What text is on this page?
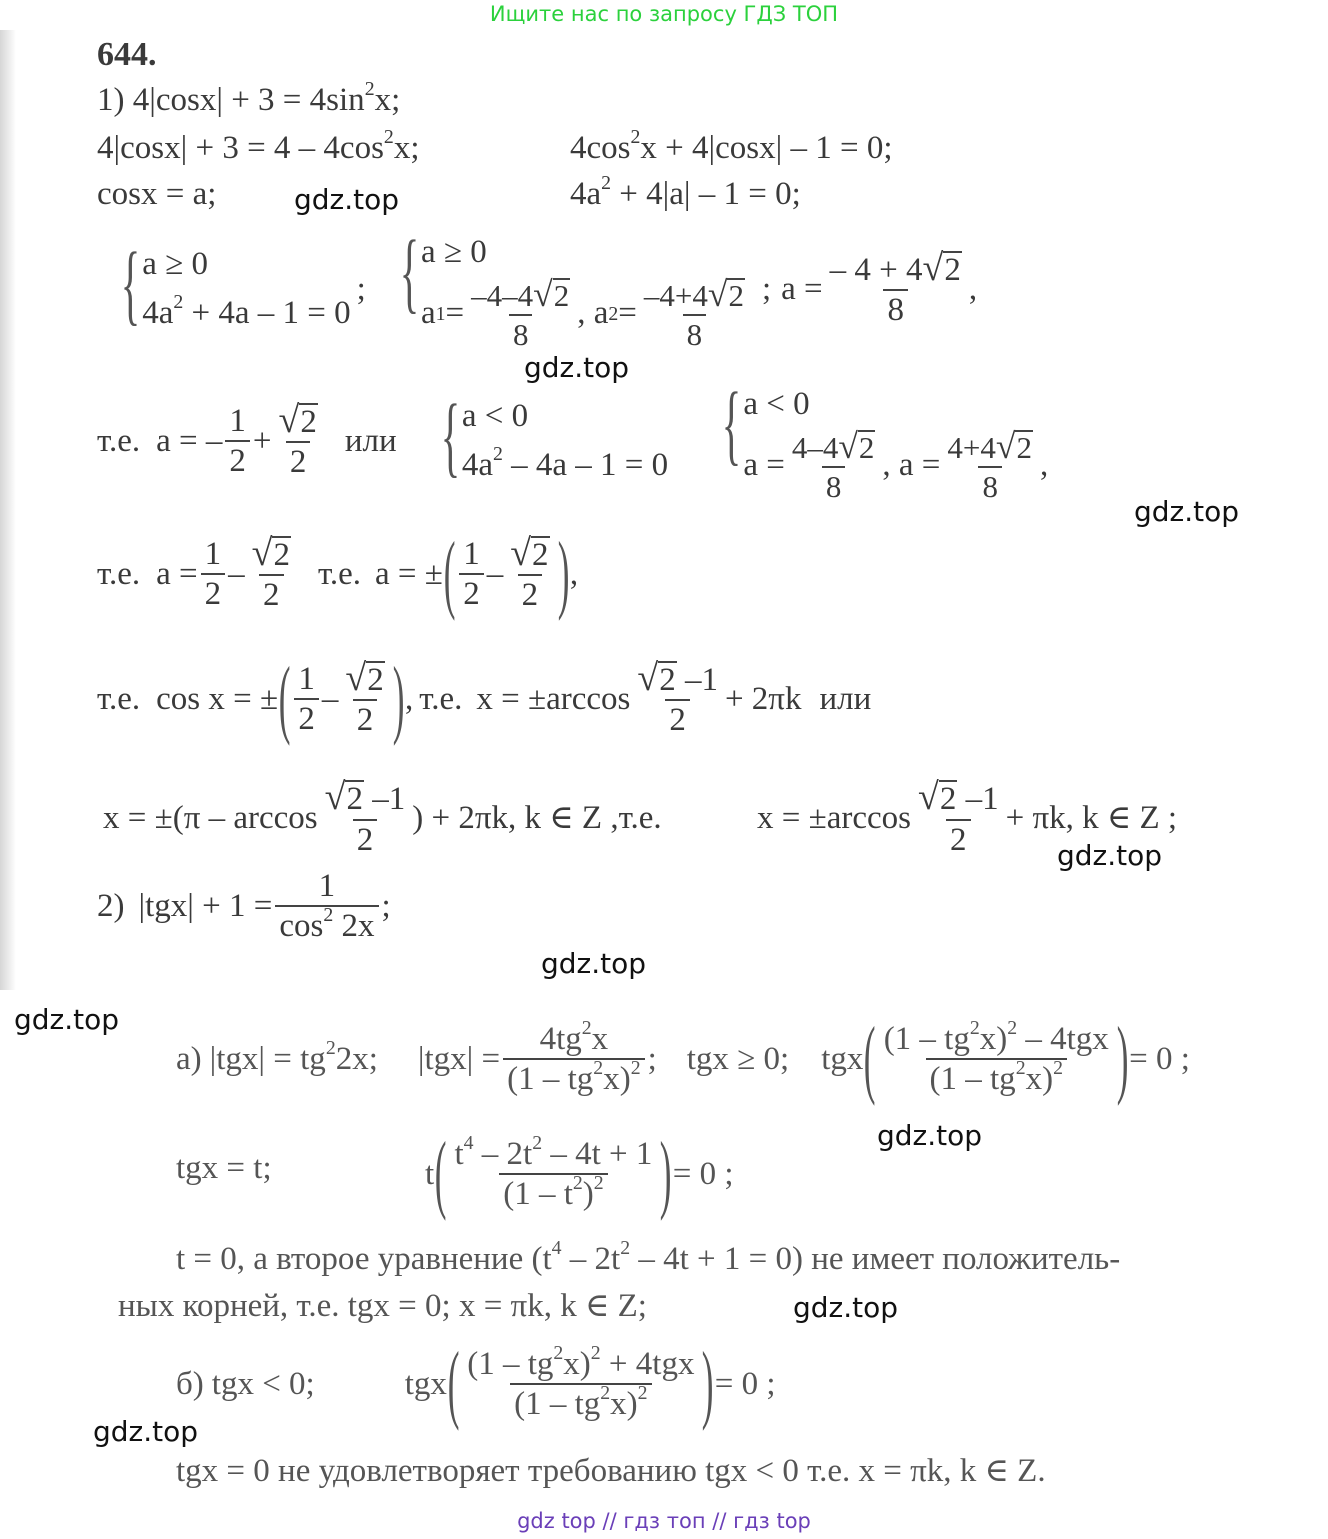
Ищите нас по запросу ГДЗ ТОП
644.
1) $4|\cos x| + 3 = 4\sin^2x$;
$4|\cos x| + 3 = 4 - 4\cos^2x$;	$4\cos^2x + 4|\cos x| - 1 = 0$;
cosx = a;	$4a^2 + 4|a| - 1 = 0$;
{ a ≥ 0
$4a^2 + 4a - 1 = 0$
; { a ≥ 0
a $1 = \frac{-4-4 √ 2}{8}$ , a $2 = \frac{-4+4 √ 2}{8}$ ; $a = \frac{- 4 + 4 √ 2}{8}$ ,
т.е. a = – $\frac{1}{2} + \frac{√ 2}{2}$ или { a < 0
$4a^2 - 4a - 1 = 0$ { a < 0
$a = \frac{4-4 √ 2}{8}$ , $a = \frac{4+4 √ 2}{8}$ ,
т.е. $a = \frac{1}{2} - \frac{√ 2}{2} т.е$. a = ± ( $\frac{1}{2} - \frac{√ 2}{2}$ ) ,
т.е. cos x = ± ( $\frac{1}{2} - \frac{√ 2}{2}$ ) , т.е. $x = \pm\arccos \frac{√ 2 -1}{2} + 2\pi k$ или
$x = \pm(\pi - \arccos \frac{√ 2 -1}{2}$ ) + 2πk, k ∈ Z , т.е.	$x = \pm\arccos \frac{√ 2 -1}{2} + \pi k$, k ∈ Z ;
2) $|tgx| + 1 = \frac{1}{\cos^2 2x}$ ;
а) $|tgx| = tg^22x$; $|tgx| = \frac{4tg^2x}{(1 - tg^2x)^2}$ ; tgx ≥ 0; tgx ( $\frac{(1 - tg^2x)^2 - 4tgx}{(1 - tg^2x)^2}$ ) = 0 ;
tgx = t;	t ( $\frac{t^4 - 2t^2 - 4t + 1}{(1 - t^2)^2}$ ) = 0 ;
t = 0, а второе уравнение $(t^4 - 2t^2 - 4t + 1 = 0)$ не имеет положитель-
ных корней, т.е. tgx = 0; x = πk, k ∈ Z;
б) tgx < 0;	tgx ( $\frac{(1 - tg^2x)^2 + 4tgx}{(1 - tg^2x)^2}$ ) = 0 ;
tgx = 0 не удовлетворяет требованию tgx < 0 т.е. x = πk, k ∈ Z.
gdz.top
gdz.top
gdz.top
gdz.top
gdz.top
gdz.top
gdz.top
gdz.top
gdz.top
gdz top // гдз топ // гдз top
